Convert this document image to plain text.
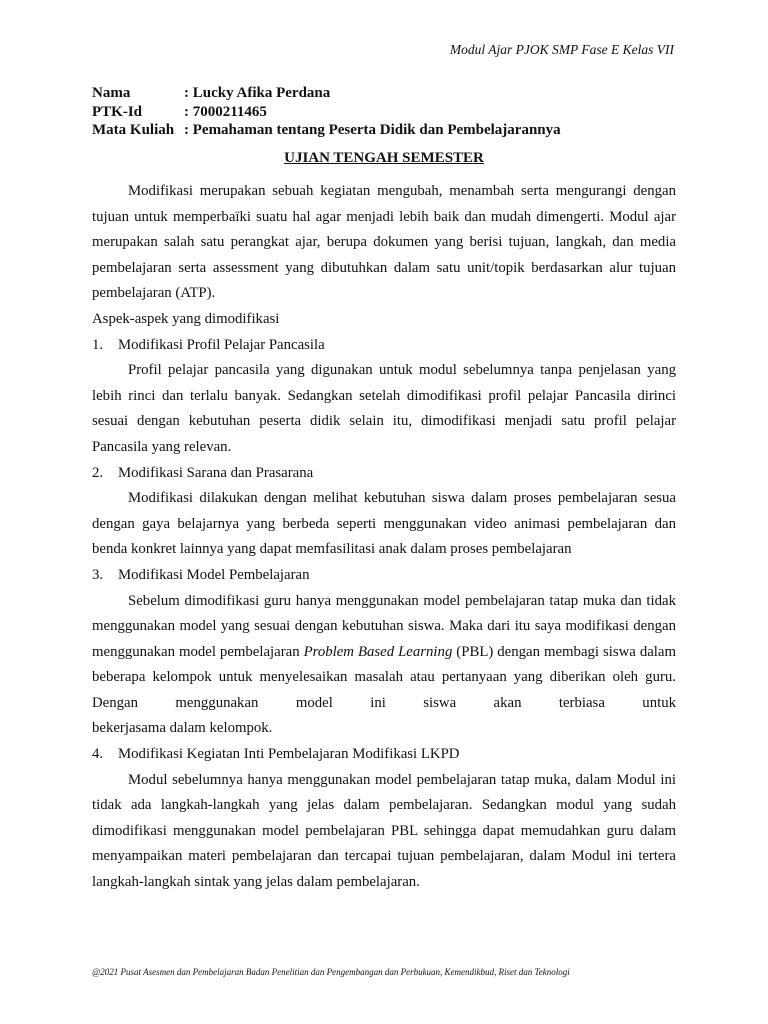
Modul Ajar PJOK SMP Fase E Kelas VII
Nama	: Lucky Afika Perdana
PTK-Id	: 7000211465
Mata Kuliah : Pemahaman tentang Peserta Didik dan Pembelajarannya
UJIAN TENGAH SEMESTER

Modifikasi merupakan sebuah kegiatan mengubah, menambah serta mengurangi dengan tujuan untuk memperbaïki suatu hal agar menjadi lebih baik dan mudah dimengerti. Modul ajar merupakan salah satu perangkat ajar, berupa dokumen yang berisi tujuan, langkah, dan media pembelajaran serta assessment yang dibutuhkan dalam satu unit/topik berdasarkan alur tujuan pembelajaran (ATP).

Aspek-aspek yang dimodifikasi

1.	Modifikasi Profil Pelajar Pancasila

Profil pelajar pancasila yang digunakan untuk modul sebelumnya tanpa penjelasan yang lebih rinci dan terlalu banyak. Sedangkan setelah dimodifikasi profil pelajar Pancasila dirinci sesuai dengan kebutuhan peserta didik selain itu, dimodifikasi menjadi satu profil pelajar Pancasila yang relevan.

2.	Modifikasi Sarana dan Prasarana

Modifikasi dilakukan dengan melihat kebutuhan siswa dalam proses pembelajaran sesua dengan gaya belajarnya yang berbeda seperti menggunakan video animasi pembelajaran dan benda konkret lainnya yang dapat memfasilitasi anak dalam proses pembelajaran

3.	Modifikasi Model Pembelajaran

Sebelum dimodifikasi guru hanya menggunakan model pembelajaran tatap muka dan tidak menggunakan model yang sesuai dengan kebutuhan siswa. Maka dari itu saya modifikasi dengan menggunakan model pembelajaran Problem Based Learning (PBL) dengan membagi siswa dalam beberapa kelompok untuk menyelesaikan masalah atau pertanyaan yang diberikan oleh guru. Dengan menggunakan model ini siswa akan terbiasa untuk

bekerjasama dalam kelompok.

4.	Modifikasi Kegiatan Inti Pembelajaran Modifikasi LKPD

Modul sebelumnya hanya menggunakan model pembelajaran tatap muka, dalam Modul ini tidak ada langkah-langkah yang jelas dalam pembelajaran. Sedangkan modul yang sudah dimodifikasi menggunakan model pembelajaran PBL sehingga dapat memudahkan guru dalam menyampaikan materi pembelajaran dan tercapai tujuan pembelajaran, dalam Modul ini tertera langkah-langkah sintak yang jelas dalam pembelajaran.

@2021 Pusat Asesmen dan Pembelajaran Badan Penelitian dan Pengembangan dan Perbukuan, Kemendikbud, Riset dan Teknologi
